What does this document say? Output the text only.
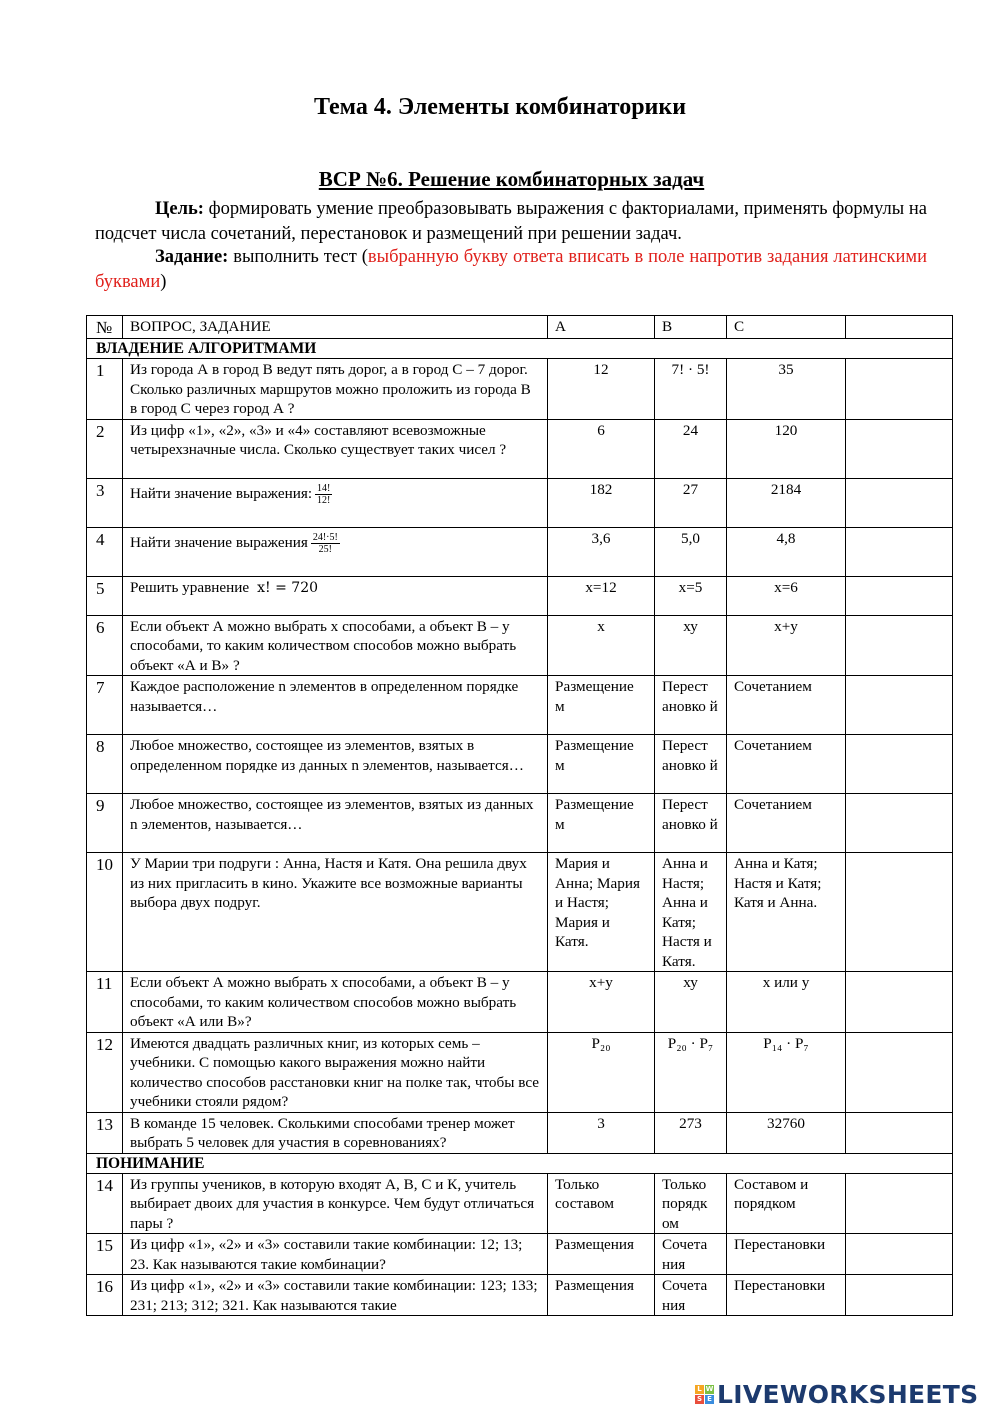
Тема 4. Элементы комбинаторики
ВСР №6. Решение комбинаторных задач
Цель: формировать умение преобразовывать выражения с факториалами, применять формулы на подсчет числа сочетаний, перестановок и размещений при решении задач.
Задание: выполнить тест (выбранную букву ответа вписать в поле напротив задания латинскими буквами)
№	ВОПРОС, ЗАДАНИЕ	A	B	C	
ВЛАДЕНИЕ АЛГОРИТМАМИ					
1	Из города А в город В ведут пять дорог, а в город С – 7 дорог. Сколько различных маршрутов можно проложить из города В в город С через город А ?	12	7! · 5!	35	
2	Из цифр «1», «2», «3» и «4» составляют всевозможные четырехзначные числа. Сколько существует таких чисел ?	6	24	120	
3	Найти значение выражения: $\frac{14!}{12!}$	182	27	2184	
4	Найти значение выражения $\frac{24!\cdot 5!}{25!}$	3,6	5,0	4,8	
5	Решить уравнение x! = 720	x=12	x=5	x=6	
6	Если объект А можно выбрать х способами, а объект В – у способами, то каким количеством способов можно выбрать объект «А и В» ?	х	ху	х+у	
7	Каждое расположение n элементов в определенном порядке называется…	Размещение м	Перест ановко й	Сочетанием	
8	Любое множество, состоящее из элементов, взятых в определенном порядке из данных n элементов, называется…	Размещение м	Перест ановко й	Сочетанием	
9	Любое множество, состоящее из элементов, взятых из данных n элементов, называется…	Размещение м	Перест ановко й	Сочетанием	
10	У Марии три подруги : Анна, Настя и Катя. Она решила двух из них пригласить в кино. Укажите все возможные варианты выбора двух подруг.	Мария и Анна; Мария и Настя; Мария и Катя.	Анна и Настя; Анна и Катя; Настя и Катя.	Анна и Катя; Настя и Катя; Катя и Анна.	
11	Если объект А можно выбрать х способами, а объект В – у способами, то каким количеством способов можно выбрать объект «А или В»?	х+у	ху	х или у	
12	Имеются двадцать различных книг, из которых семь – учебники. С помощью какого выражения можно найти количество способов расстановки книг на полке так, чтобы все учебники стояли рядом?	P₂₀	P₂₀ · P₇	P₁₄ · P₇	
13	В команде 15 человек. Сколькими способами тренер может выбрать 5 человек для участия в соревнованиях?	3	273	32760	
ПОНИМАНИЕ					
14	Из группы учеников, в которую входят А, В, С и К, учитель выбирает двоих для участия в конкурсе. Чем будут отличаться пары ?	Только составом	Только порядк ом	Составом и порядком	
15	Из цифр «1», «2» и «3» составили такие комбинации: 12; 13; 23. Как называются такие комбинации?	Размещения	Сочета ния	Перестановки	
16	Из цифр «1», «2» и «3» составили такие комбинации: 123; 133; 231; 213; 312; 321. Как называются такие	Размещения	Сочета ния	Перестановки	
L W
S E LIVEWORKSHEETS
